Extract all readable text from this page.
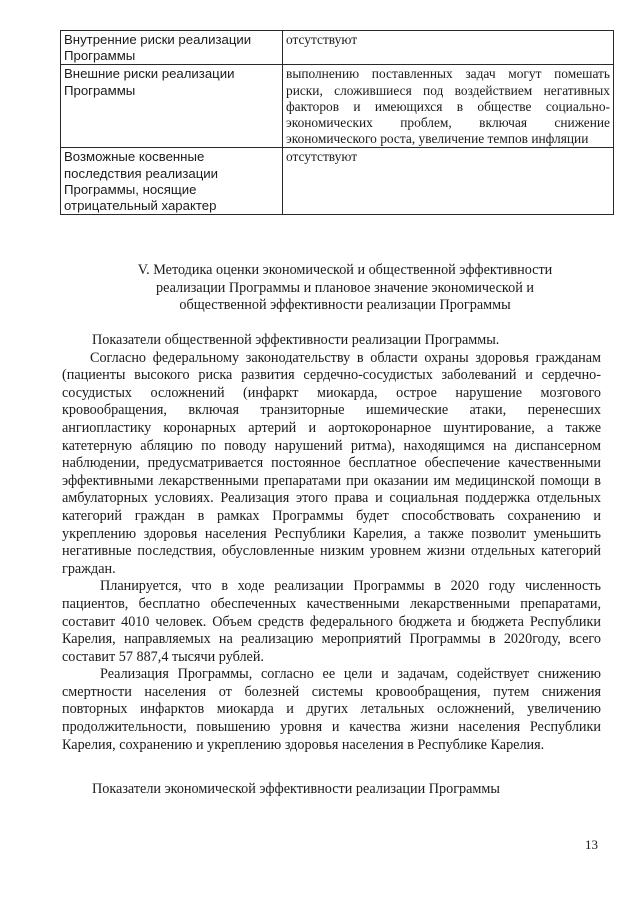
Внутренние риски реализации Программы	отсутствуют
Внешние риски реализации Программы	выполнению поставленных задач могут помешать риски, сложившиеся под воздействием негативных факторов и имеющихся в обществе социально-экономических проблем, включая снижение экономического роста, увеличение темпов инфляции
Возможные косвенные последствия реализации Программы, носящие отрицательный характер	отсутствуют
V. Методика оценки экономической и общественной эффективности
реализации Программы и плановое значение экономической и
общественной эффективности реализации Программы

Показатели общественной эффективности реализации Программы.

Согласно федеральному законодательству в области охраны здоровья гражданам (пациенты высокого риска развития сердечно-сосудистых заболеваний и сердечно-сосудистых осложнений (инфаркт миокарда, острое нарушение мозгового кровообращения, включая транзиторные ишемические атаки, перенесших ангиопластику коронарных артерий и аортокоронарное шунтирование, а также катетерную абляцию по поводу нарушений ритма), находящимся на диспансерном наблюдении, предусматривается постоянное бесплатное обеспечение качественными эффективными лекарственными препаратами при оказании им медицинской помощи в амбулаторных условиях. Реализация этого права и социальная поддержка отдельных категорий граждан в рамках Программы будет способствовать сохранению и укреплению здоровья населения Республики Карелия, а также позволит уменьшить негативные последствия, обусловленные низким уровнем жизни отдельных категорий граждан.

Планируется, что в ходе реализации Программы в 2020 году численность пациентов, бесплатно обеспеченных качественными лекарственными препаратами, составит 4010 человек. Объем средств федерального бюджета и бюджета Республики Карелия, направляемых на реализацию мероприятий Программы в 2020году, всего составит 57 887,4 тысячи рублей.

Реализация Программы, согласно ее цели и задачам, содействует снижению смертности населения от болезней системы кровообращения, путем снижения повторных инфарктов миокарда и других летальных осложнений, увеличению продолжительности, повышению уровня и качества жизни населения Республики Карелия, сохранению и укреплению здоровья населения в Республике Карелия.

Показатели экономической эффективности реализации Программы
13
